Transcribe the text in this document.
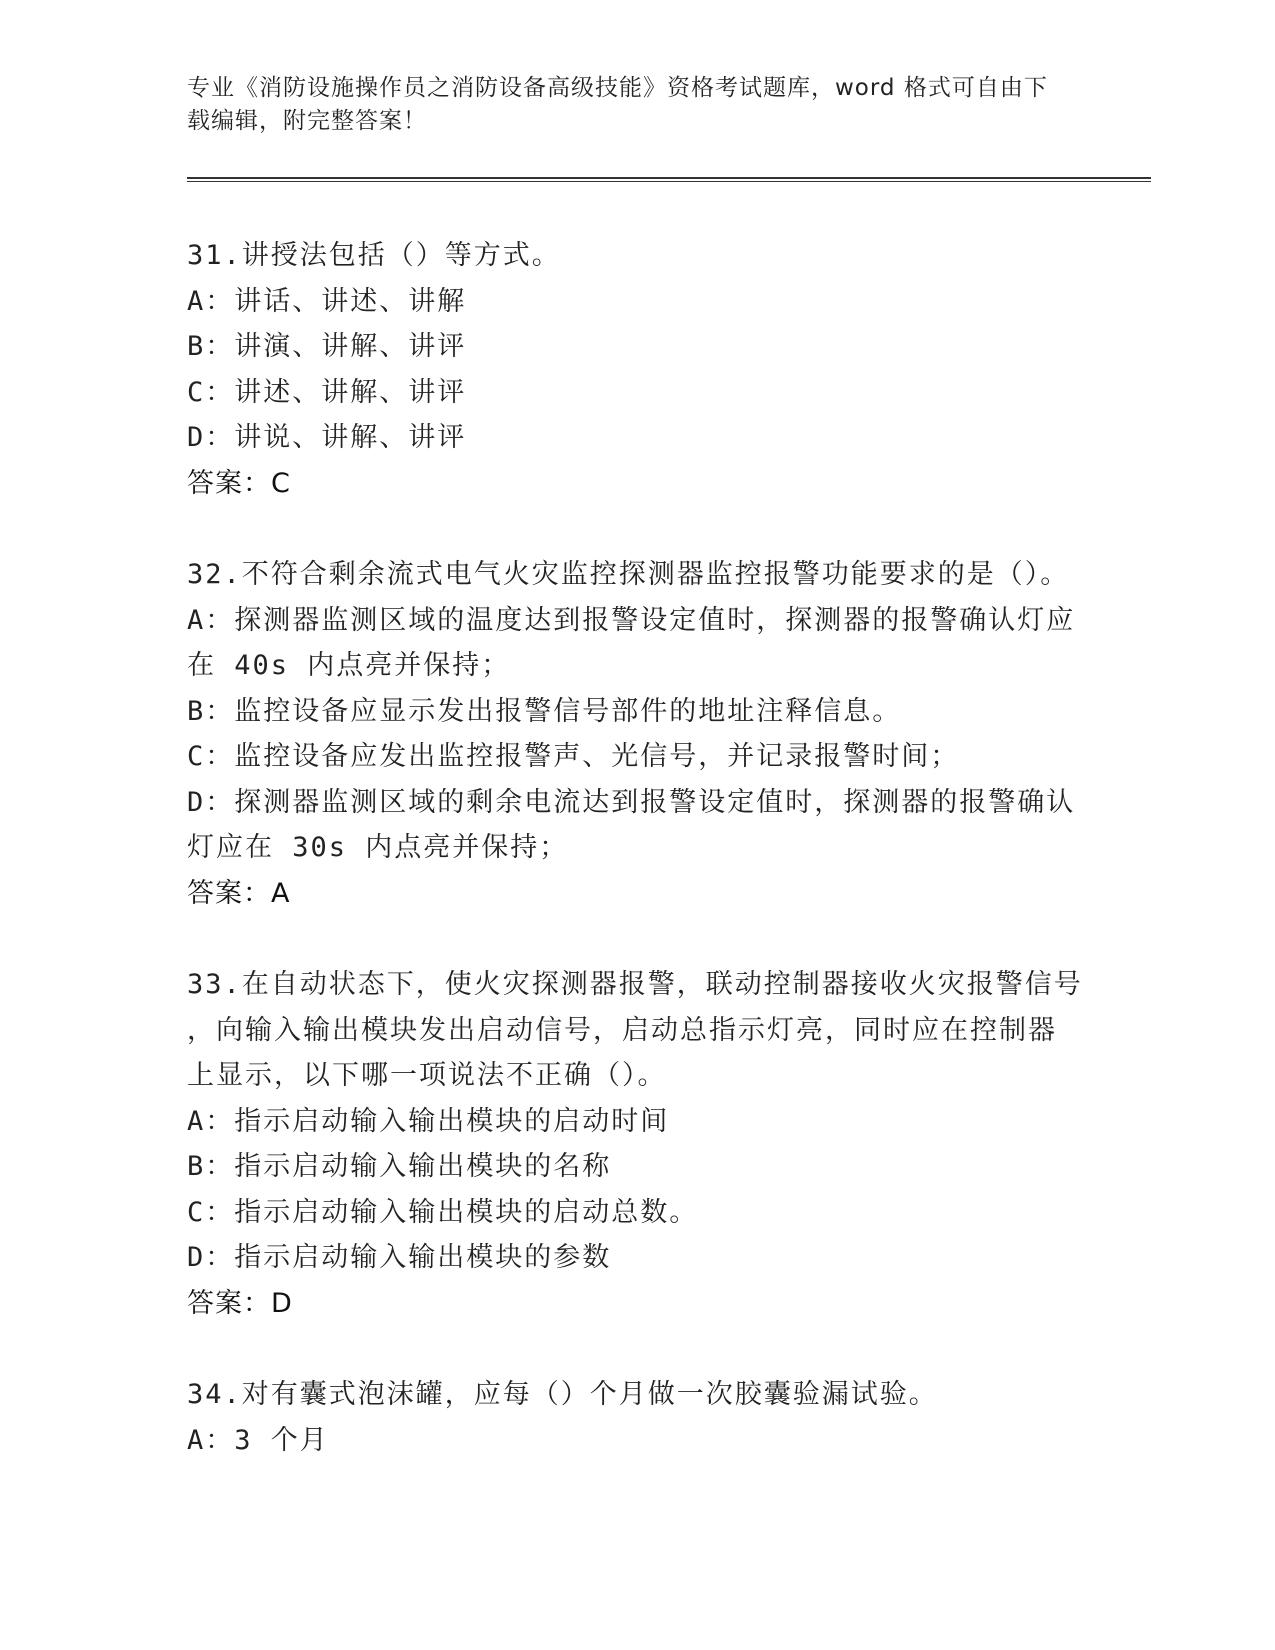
专业《消防设施操作员之消防设备高级技能》资格考试题库，word 格式可自由下
载编辑，附完整答案！
31.讲授法包括（）等方式。
A：讲话、讲述、讲解
B：讲演、讲解、讲评
C：讲述、讲解、讲评
D：讲说、讲解、讲评
答案：C
32.不符合剩余流式电气火灾监控探测器监控报警功能要求的是（）。
A：探测器监测区域的温度达到报警设定值时，探测器的报警确认灯应
在 40s 内点亮并保持；
B：监控设备应显示发出报警信号部件的地址注释信息。
C：监控设备应发出监控报警声、光信号，并记录报警时间；
D：探测器监测区域的剩余电流达到报警设定值时，探测器的报警确认
灯应在 30s 内点亮并保持；
答案：A
33.在自动状态下，使火灾探测器报警，联动控制器接收火灾报警信号
，向输入输出模块发出启动信号，启动总指示灯亮，同时应在控制器
上显示，以下哪一项说法不正确（）。
A：指示启动输入输出模块的启动时间
B：指示启动输入输出模块的名称
C：指示启动输入输出模块的启动总数。
D：指示启动输入输出模块的参数
答案：D
34.对有囊式泡沫罐，应每（）个月做一次胶囊验漏试验。
A：3 个月
